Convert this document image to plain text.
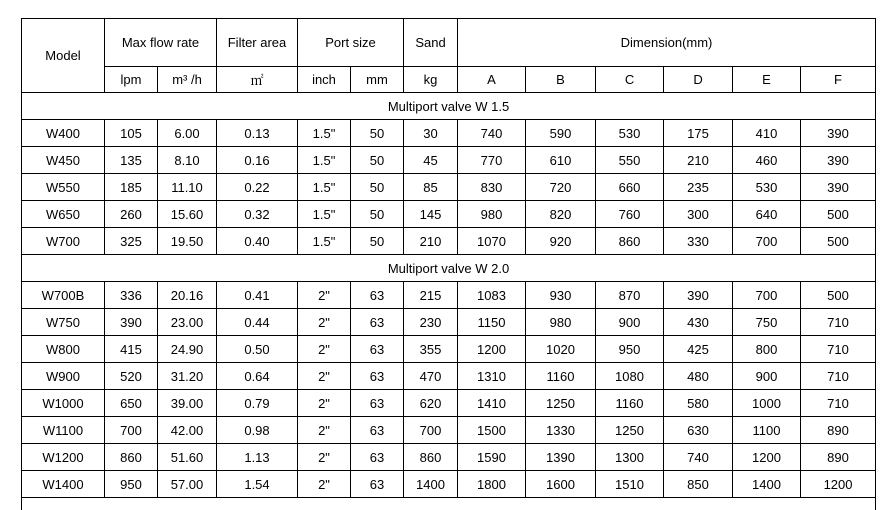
Model	Max flow rate		Filter area	Port size		Sand	Dimension(mm)					
	lpm	m³ /h	㎡	inch	mm	kg	A	B	C	D	E	F
Multiport valve W 1.5												
W400	105	6.00	0.13	1.5"	50	30	740	590	530	175	410	390
W450	135	8.10	0.16	1.5"	50	45	770	610	550	210	460	390
W550	185	11.10	0.22	1.5"	50	85	830	720	660	235	530	390
W650	260	15.60	0.32	1.5"	50	145	980	820	760	300	640	500
W700	325	19.50	0.40	1.5"	50	210	1070	920	860	330	700	500
Multiport valve W 2.0												
W700B	336	20.16	0.41	2"	63	215	1083	930	870	390	700	500
W750	390	23.00	0.44	2"	63	230	1150	980	900	430	750	710
W800	415	24.90	0.50	2"	63	355	1200	1020	950	425	800	710
W900	520	31.20	0.64	2"	63	470	1310	1160	1080	480	900	710
W1000	650	39.00	0.79	2"	63	620	1410	1250	1160	580	1000	710
W1100	700	42.00	0.98	2"	63	700	1500	1330	1250	630	1100	890
W1200	860	51.60	1.13	2"	63	860	1590	1390	1300	740	1200	890
W1400	950	57.00	1.54	2"	63	1400	1800	1600	1510	850	1400	1200
